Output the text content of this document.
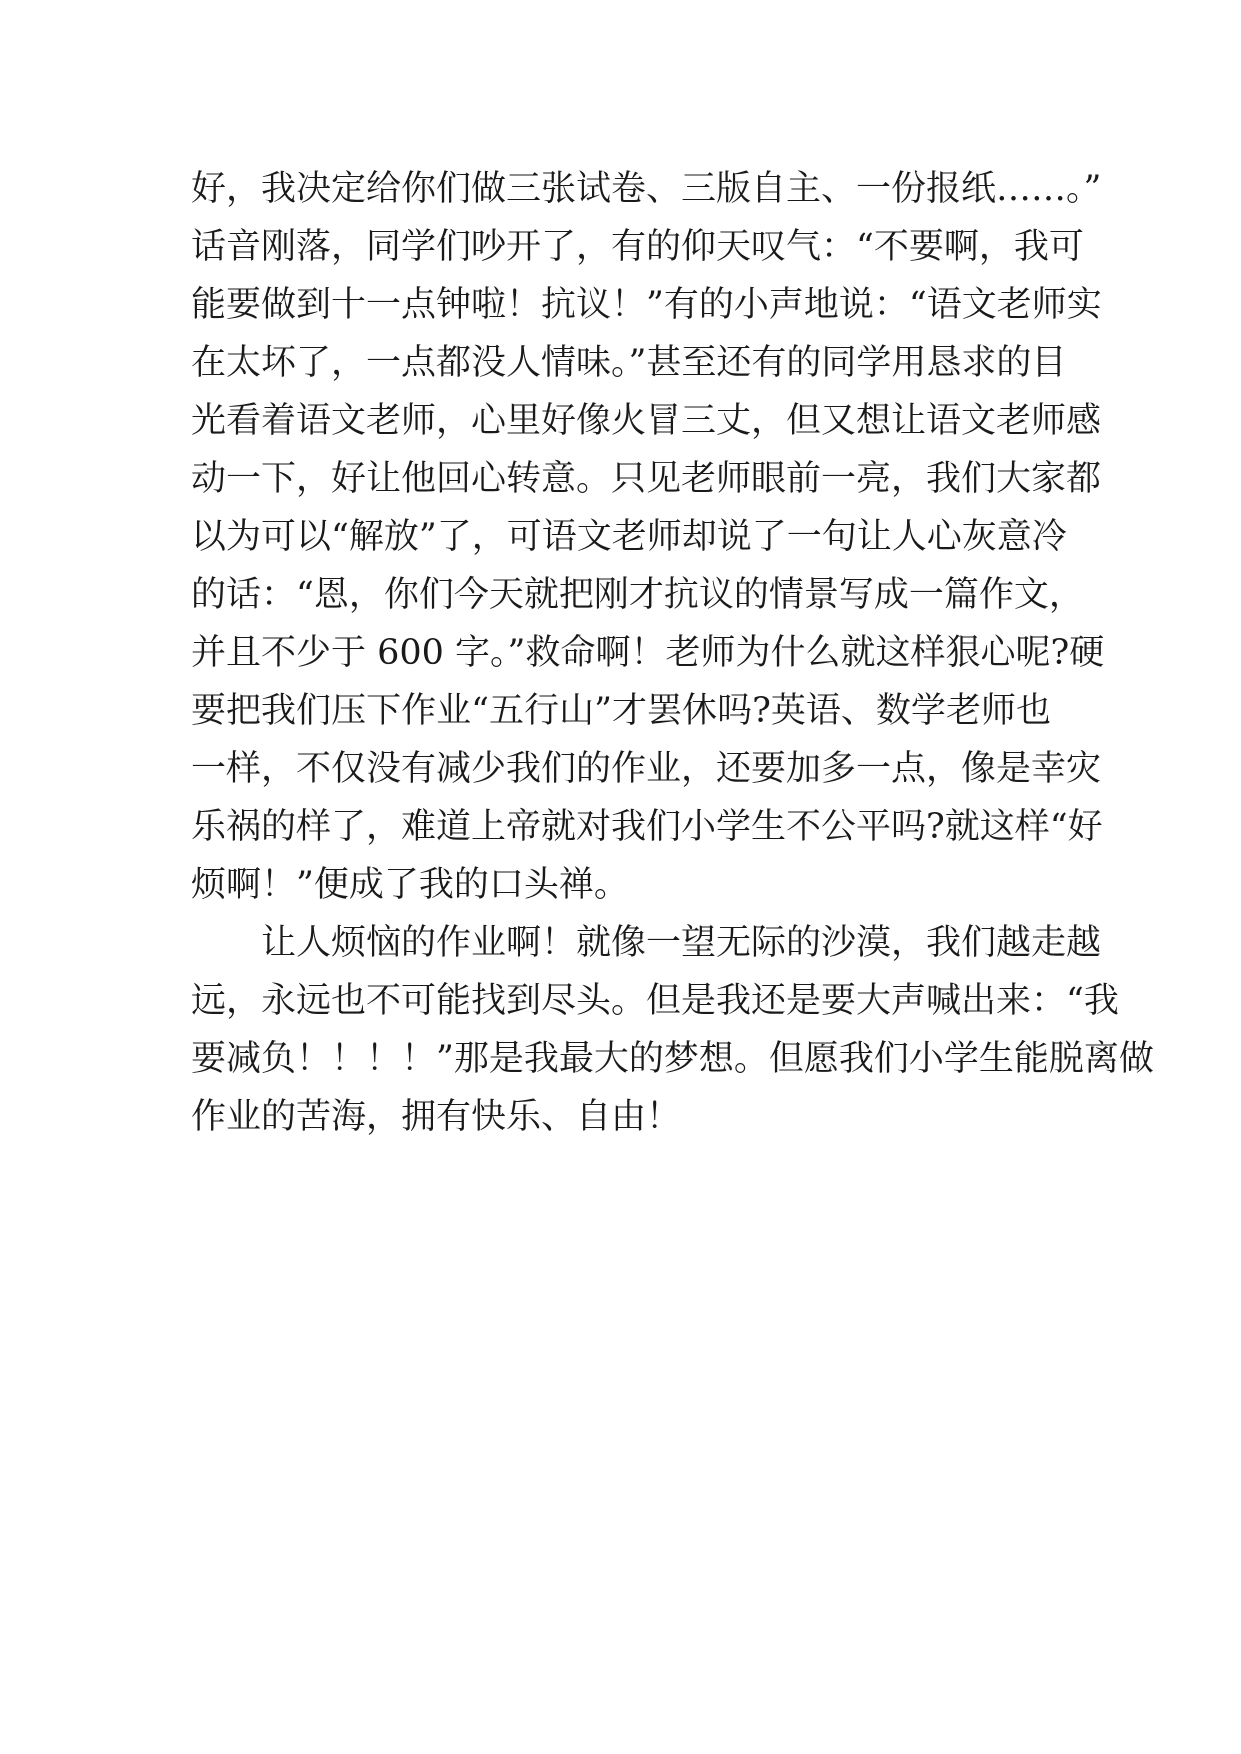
好，我决定给你们做三张试卷、三版自主、一份报纸……。”
话音刚落，同学们吵开了，有的仰天叹气：“不要啊，我可
能要做到十一点钟啦！抗议！”有的小声地说：“语文老师实
在太坏了，一点都没人情味。”甚至还有的同学用恳求的目
光看着语文老师，心里好像火冒三丈，但又想让语文老师感
动一下，好让他回心转意。只见老师眼前一亮，我们大家都
以为可以“解放”了，可语文老师却说了一句让人心灰意冷
的话：“恩，你们今天就把刚才抗议的情景写成一篇作文，
并且不少于 600 字。”救命啊！老师为什么就这样狠心呢?硬
要把我们压下作业“五行山”才罢休吗?英语、数学老师也
一样，不仅没有减少我们的作业，还要加多一点，像是幸灾
乐祸的样了，难道上帝就对我们小学生不公平吗?就这样“好
烦啊！”便成了我的口头禅。
让人烦恼的作业啊！就像一望无际的沙漠，我们越走越
远，永远也不可能找到尽头。但是我还是要大声喊出来：“我
要减负！！！！”那是我最大的梦想。但愿我们小学生能脱离做
作业的苦海，拥有快乐、自由！
